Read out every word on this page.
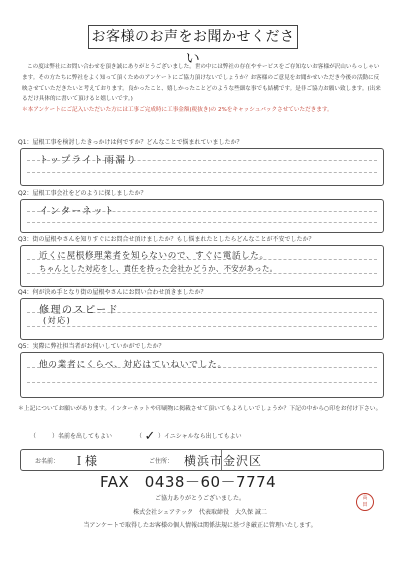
お客様のお声をお聞かせください

この度は弊社にお問い合わせを頂き誠にありがとうございました。世の中には弊社の存在やサービスをご存知ないお客様が沢山いらっしゃいます。その方たちに弊社をよく知って頂くためのアンケートにご協力頂けないでしょうか？お客様のご意見をお聞かせいただき今後の活動に反映させていただきたいと考えております。良かったこと、嬉しかったことどのような些細な事でも結構です。是非ご協力お願い致します。(出来るだけ具体的に書いて頂けると嬉しいです。)

＊本アンケートにご記入いただいた方には工事ご完成時に工事金額(税抜き)の 2%をキャッシュバックさせていただきます。

Q1：屋根工事を検討したきっかけは何ですか？どんなことで悩まれていましたか？
トップライト雨漏り
Q2：屋根工事会社をどのように探しましたか？
インターネット
Q3：街の屋根やさんを知りすぐにお問合せ頂けましたか？もし悩まれたとしたらどんなことが不安でしたか？
近くに屋根修理業者を知らないので、すぐに電話した。
ちゃんとした対応をし、責任を持った会社かどうか、不安があった。
Q4：何が決め手となり街の屋根やさんにお問い合わせ頂きましたか？
修理のスピード
(対応)
Q5：実際に弊社担当者がお伺いしていかがでしたか？
他の業者にくらべ、対応はていねいでした。
＊上記についてお願いがあります。インターネットや印刷物に掲載させて頂いてもよろしいでしょうか？下記の中から○印をお付け下さい。
（	）名前を出してもよい	（ ✓ ）イニシャルなら出してもよい
お名前： Ｉ様	ご住所： 横浜市金沢区
FAX　0438－60－7774
ご協力ありがとうございました。
株式会社シェアテック　代表取締役　大久保 誠二
当アンケートで取得したお客様の個人情報は関係法規に基づき厳正に管理いたします。
高
田
